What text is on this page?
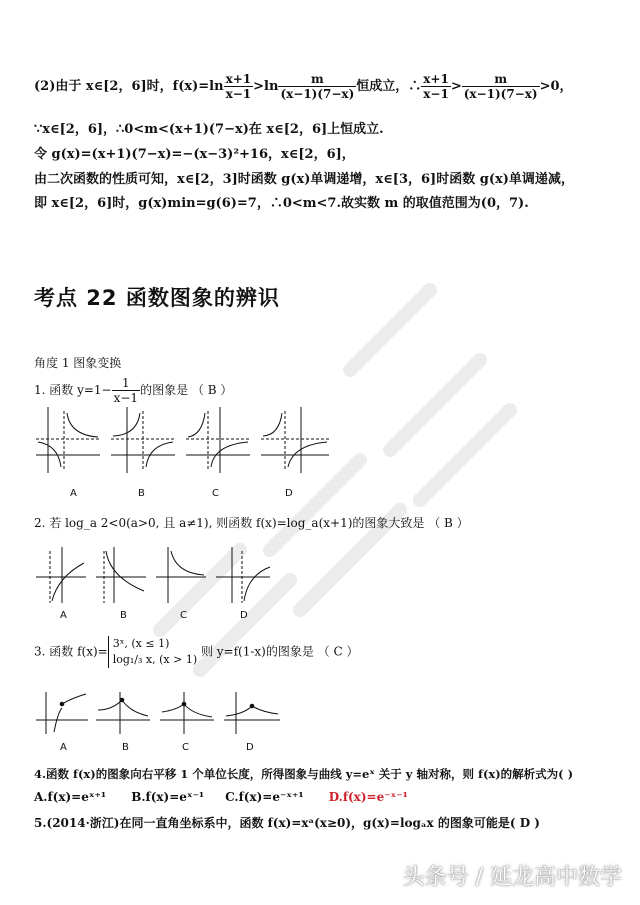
(2)由于 x∈[2，6]时，$f(x)=\ln \frac{x+1}{x-1} >\ln \frac{m}{(x-1)(7-x)}$ 恒成立，∴ $\frac{x+1}{x-1} > \frac{m}{(x-1)(7-x)} >0$，
∵x∈[2，6]，∴0<m<(x+1)(7−x)在 x∈[2，6]上恒成立.
令 g(x)=(x+1)(7−x)=−(x−3)²+16，x∈[2，6]，
由二次函数的性质可知，x∈[2，3]时函数 g(x)单调递增，x∈[3，6]时函数 g(x)单调递减，
即 x∈[2，6]时，g(x)min=g(6)=7，∴0<m<7.故实数 m 的取值范围为(0，7).
考点 22 函数图象的辨识
角度 1 图象变换
1. 函数 $y=1- \frac{1}{x-1}$ 的图象是 （ B ）
A	B	C	D
2. 若 log_a 2<0(a>0, 且 a≠1), 则函数 f(x)=log_a(x+1)的图象大致是 （ B ）
A	B	C	D
3. 函数 f(x)=
3ˣ, (x ≤ 1)
log₁/₃ x, (x > 1)
则 y=f(1-x)的图象是 （ C ）
A	B	C	D
4.函数 f(x)的图象向右平移 1 个单位长度，所得图象与曲线 y=eˣ 关于 y 轴对称，则 f(x)的解析式为( )
A.f(x)=eˣ⁺¹ B.f(x)=eˣ⁻¹ C.f(x)=e⁻ˣ⁺¹ D.f(x)=e⁻ˣ⁻¹
5.(2014·浙江)在同一直角坐标系中，函数 f(x)=xᵃ(x≥0)，g(x)=logₐx 的图象可能是( D )
头条号 / 延龙高中数学
